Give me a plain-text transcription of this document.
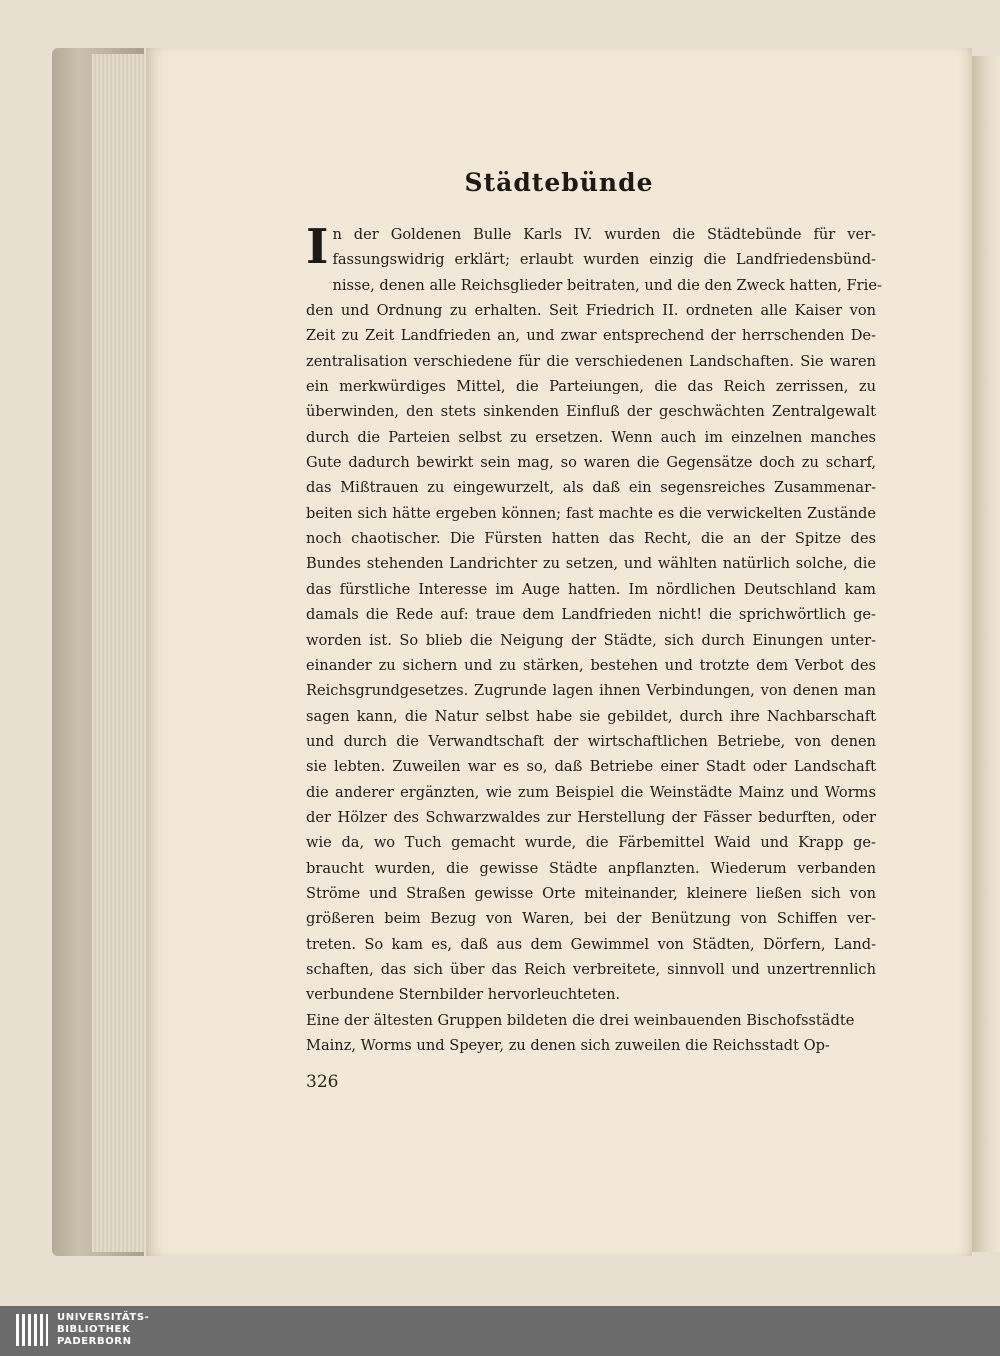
Städtebünde
I n der Goldenen Bulle Karls IV. wurden die Städtebünde für ver-
fassungswidrig erklärt; erlaubt wurden einzig die Landfriedensbünd-
nisse, denen alle Reichsglieder beitraten, und die den Zweck hatten, Frie-
den und Ordnung zu erhalten. Seit Friedrich II. ordneten alle Kaiser von
Zeit zu Zeit Landfrieden an, und zwar entsprechend der herrschenden De-
zentralisation verschiedene für die verschiedenen Landschaften. Sie waren
ein merkwürdiges Mittel, die Parteiungen, die das Reich zerrissen, zu
überwinden, den stets sinkenden Einfluß der geschwächten Zentralgewalt
durch die Parteien selbst zu ersetzen. Wenn auch im einzelnen manches
Gute dadurch bewirkt sein mag, so waren die Gegensätze doch zu scharf,
das Mißtrauen zu eingewurzelt, als daß ein segensreiches Zusammenar-
beiten sich hätte ergeben können; fast machte es die verwickelten Zustände
noch chaotischer. Die Fürsten hatten das Recht, die an der Spitze des
Bundes stehenden Landrichter zu setzen, und wählten natürlich solche, die
das fürstliche Interesse im Auge hatten. Im nördlichen Deutschland kam
damals die Rede auf: traue dem Landfrieden nicht! die sprichwörtlich ge-
worden ist. So blieb die Neigung der Städte, sich durch Einungen unter-
einander zu sichern und zu stärken, bestehen und trotzte dem Verbot des
Reichsgrundgesetzes. Zugrunde lagen ihnen Verbindungen, von denen man
sagen kann, die Natur selbst habe sie gebildet, durch ihre Nachbarschaft
und durch die Verwandtschaft der wirtschaftlichen Betriebe, von denen
sie lebten. Zuweilen war es so, daß Betriebe einer Stadt oder Landschaft
die anderer ergänzten, wie zum Beispiel die Weinstädte Mainz und Worms
der Hölzer des Schwarzwaldes zur Herstellung der Fässer bedurften, oder
wie da, wo Tuch gemacht wurde, die Färbemittel Waid und Krapp ge-
braucht wurden, die gewisse Städte anpflanzten. Wiederum verbanden
Ströme und Straßen gewisse Orte miteinander, kleinere ließen sich von
größeren beim Bezug von Waren, bei der Benützung von Schiffen ver-
treten. So kam es, daß aus dem Gewimmel von Städten, Dörfern, Land-
schaften, das sich über das Reich verbreitete, sinnvoll und unzertrennlich
verbundene Sternbilder hervorleuchteten.
Eine der ältesten Gruppen bildeten die drei weinbauenden Bischofsstädte
Mainz, Worms und Speyer, zu denen sich zuweilen die Reichsstadt Op-

326

UNIVERSITÄTS-
BIBLIOTHEK
PADERBORN
